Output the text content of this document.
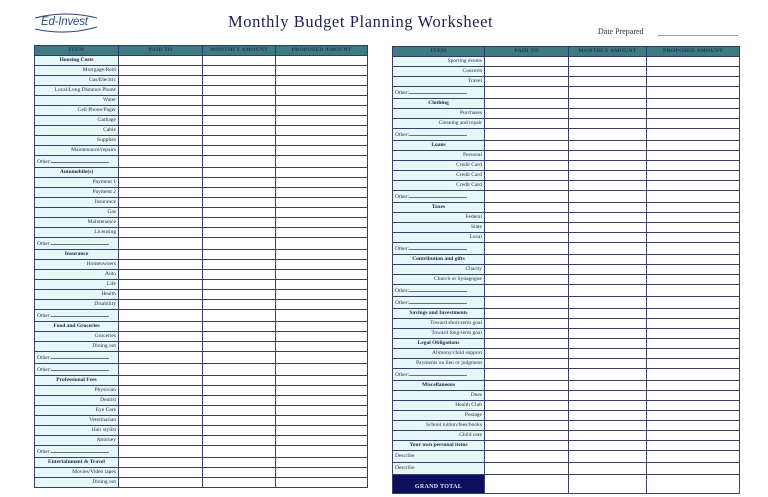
Ed-Invest	Monthly Budget Planning Worksheet
Date Prepared
ITEM	PAID TO	MONTHLY AMOUNT	PROPOSED AMOUNT
Housing Costs			
Mortgage/Rent			
Gas/Electric			
Local/Long Distance Phone			
Water			
Cell Phone/Pager			
Garbage			
Cable			
Supplies			
Maintenance/repairs			
Other:			
Automobile(s)			
Payment 1			
Payment 2			
Insurance			
Gas			
Maintenance			
Licensing			
Other:			
Insurance			
Homeowners			
Auto			
Life			
Health			
Disability			
Other:			
Food and Groceries			
Groceries			
Dining out			
Other:			
Other:			
Professional Fees			
Physician			
Dentist			
Eye Care			
Veterinarian			
Hair stylist			
Attorney			
Other:			
Entertainment & Travel			
Movies/Video tapes			
Dining out			
ITEM	PAID TO	MONTHLY AMOUNT	PROPOSED AMOUNT
Sporting events			
Concerts			
Travel			
Other:			
Clothing			
Purchases			
Cleaning and repair			
Other:			
Loans			
Personal			
Credit Card			
Credit Card			
Credit Card			
Other:			
Taxes			
Federal			
State			
Local			
Other:			
Contribution and gifts			
Charity			
Church or Synagogue			
Other:			
Other:			
Savings and Investments			
Toward short-term goal			
Toward long-term goal			
Legal Obligations			
Alimony/child support			
Payments on lien or judgment			
Other:			
Miscellaneous			
Dues			
Health Club			
Postage			
School tuition/fees/books			
Child care			
Your own personal items			
Describe			
Describe			
GRAND TOTAL			
